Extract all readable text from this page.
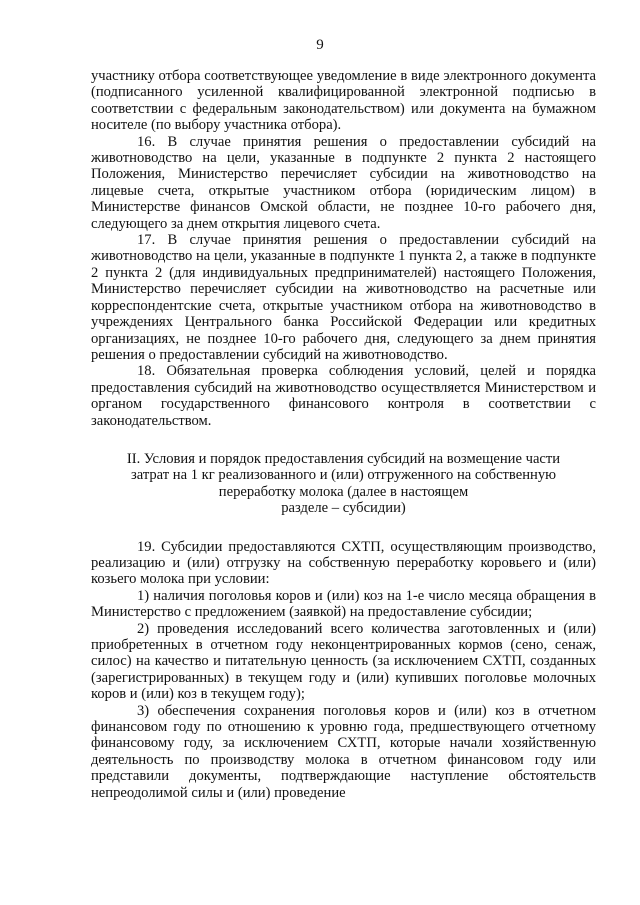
9

участнику отбора соответствующее уведомление в виде электронного документа (подписанного усиленной квалифицированной электронной подписью в соответствии с федеральным законодательством) или документа на бумажном носителе (по выбору участника отбора).

16. В случае принятия решения о предоставлении субсидий на животноводство на цели, указанные в подпункте 2 пункта 2 настоящего Положения, Министерство перечисляет субсидии на животноводство на лицевые счета, открытые участником отбора (юридическим лицом) в Министерстве финансов Омской области, не позднее 10-го рабочего дня, следующего за днем открытия лицевого счета.

17. В случае принятия решения о предоставлении субсидий на животноводство на цели, указанные в подпункте 1 пункта 2, а также в подпункте 2 пункта 2 (для индивидуальных предпринимателей) настоящего Положения, Министерство перечисляет субсидии на животноводство на расчетные или корреспондентские счета, открытые участником отбора на животноводство в учреждениях Центрального банка Российской Федерации или кредитных организациях, не позднее 10-го рабочего дня, следующего за днем принятия решения о предоставлении субсидий на животноводство.

18. Обязательная проверка соблюдения условий, целей и порядка предоставления субсидий на животноводство осуществляется Министерством и органом государственного финансового контроля в соответствии с законодательством.

II. Условия и порядок предоставления субсидий на возмещение части
затрат на 1 кг реализованного и (или) отгруженного на собственную
переработку молока (далее в настоящем
разделе – субсидии)

19. Субсидии предоставляются СХТП, осуществляющим производство, реализацию и (или) отгрузку на собственную переработку коровьего и (или) козьего молока при условии:

1) наличия поголовья коров и (или) коз на 1-е число месяца обращения в Министерство с предложением (заявкой) на предоставление субсидии;

2) проведения исследований всего количества заготовленных и (или) приобретенных в отчетном году неконцентрированных кормов (сено, сенаж, силос) на качество и питательную ценность (за исключением СХТП, созданных (зарегистрированных) в текущем году и (или) купивших поголовье молочных коров и (или) коз в текущем году);

3) обеспечения сохранения поголовья коров и (или) коз в отчетном финансовом году по отношению к уровню года, предшествующего отчетному финансовому году, за исключением СХТП, которые начали хозяйственную деятельность по производству молока в отчетном финансовом году или представили документы, подтверждающие наступление обстоятельств непреодолимой силы и (или) проведение
